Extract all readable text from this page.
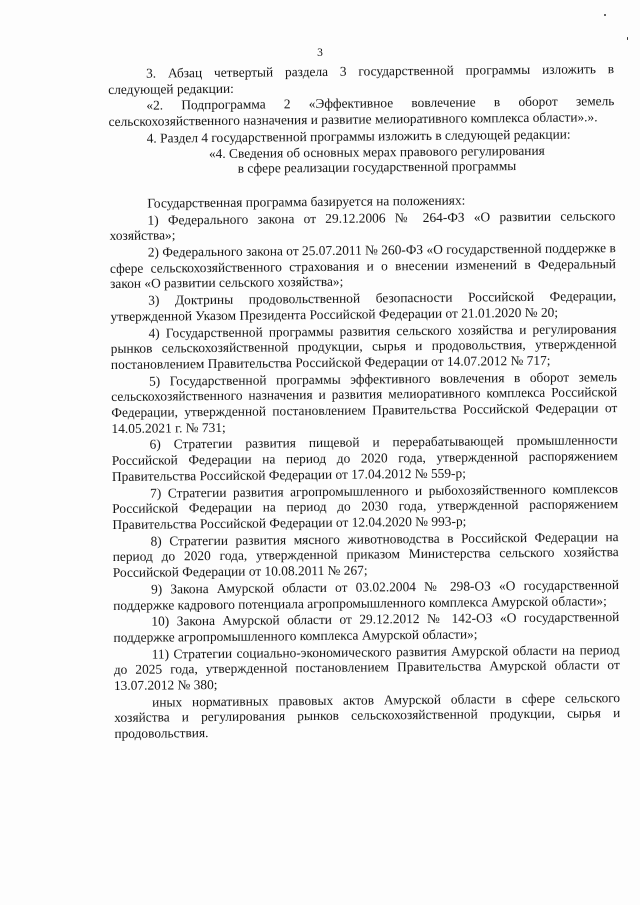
3

3. Абзац четвертый раздела 3 государственной программы изложить в следующей редакции:

«2. Подпрограмма 2 «Эффективное вовлечение в оборот земель сельскохозяйственного назначения и развитие мелиоративного комплекса области».».

4. Раздел 4 государственной программы изложить в следующей редакции:

«4. Сведения об основных мерах правового регулирования

в сфере реализации государственной программы

Государственная программа базируется на положениях:

1) Федерального закона от 29.12.2006 № 264-ФЗ «О развитии сельского хозяйства»;

2) Федерального закона от 25.07.2011 № 260-ФЗ «О государственной поддержке в сфере сельскохозяйственного страхования и о внесении изменений в Федеральный закон «О развитии сельского хозяйства»;

3) Доктрины продовольственной безопасности Российской Федерации, утвержденной Указом Президента Российской Федерации от 21.01.2020 № 20;

4) Государственной программы развития сельского хозяйства и регулирования рынков сельскохозяйственной продукции, сырья и продовольствия, утвержденной постановлением Правительства Российской Федерации от 14.07.2012 № 717;

5) Государственной программы эффективного вовлечения в оборот земель сельскохозяйственного назначения и развития мелиоративного комплекса Российской Федерации, утвержденной постановлением Правительства Российской Федерации от 14.05.2021 г. № 731;

6) Стратегии развития пищевой и перерабатывающей промышленности Российской Федерации на период до 2020 года, утвержденной распоряжением Правительства Российской Федерации от 17.04.2012 № 559-р;

7) Стратегии развития агропромышленного и рыбохозяйственного комплексов Российской Федерации на период до 2030 года, утвержденной распоряжением Правительства Российской Федерации от 12.04.2020 № 993-р;

8) Стратегии развития мясного животноводства в Российской Федерации на период до 2020 года, утвержденной приказом Министерства сельского хозяйства Российской Федерации от 10.08.2011 № 267;

9) Закона Амурской области от 03.02.2004 № 298-ОЗ «О государственной поддержке кадрового потенциала агропромышленного комплекса Амурской области»;

10) Закона Амурской области от 29.12.2012 № 142-ОЗ «О государственной поддержке агропромышленного комплекса Амурской области»;

11) Стратегии социально-экономического развития Амурской области на период до 2025 года, утвержденной постановлением Правительства Амурской области от 13.07.2012 № 380;

иных нормативных правовых актов Амурской области в сфере сельского хозяйства и регулирования рынков сельскохозяйственной продукции, сырья и продовольствия.
